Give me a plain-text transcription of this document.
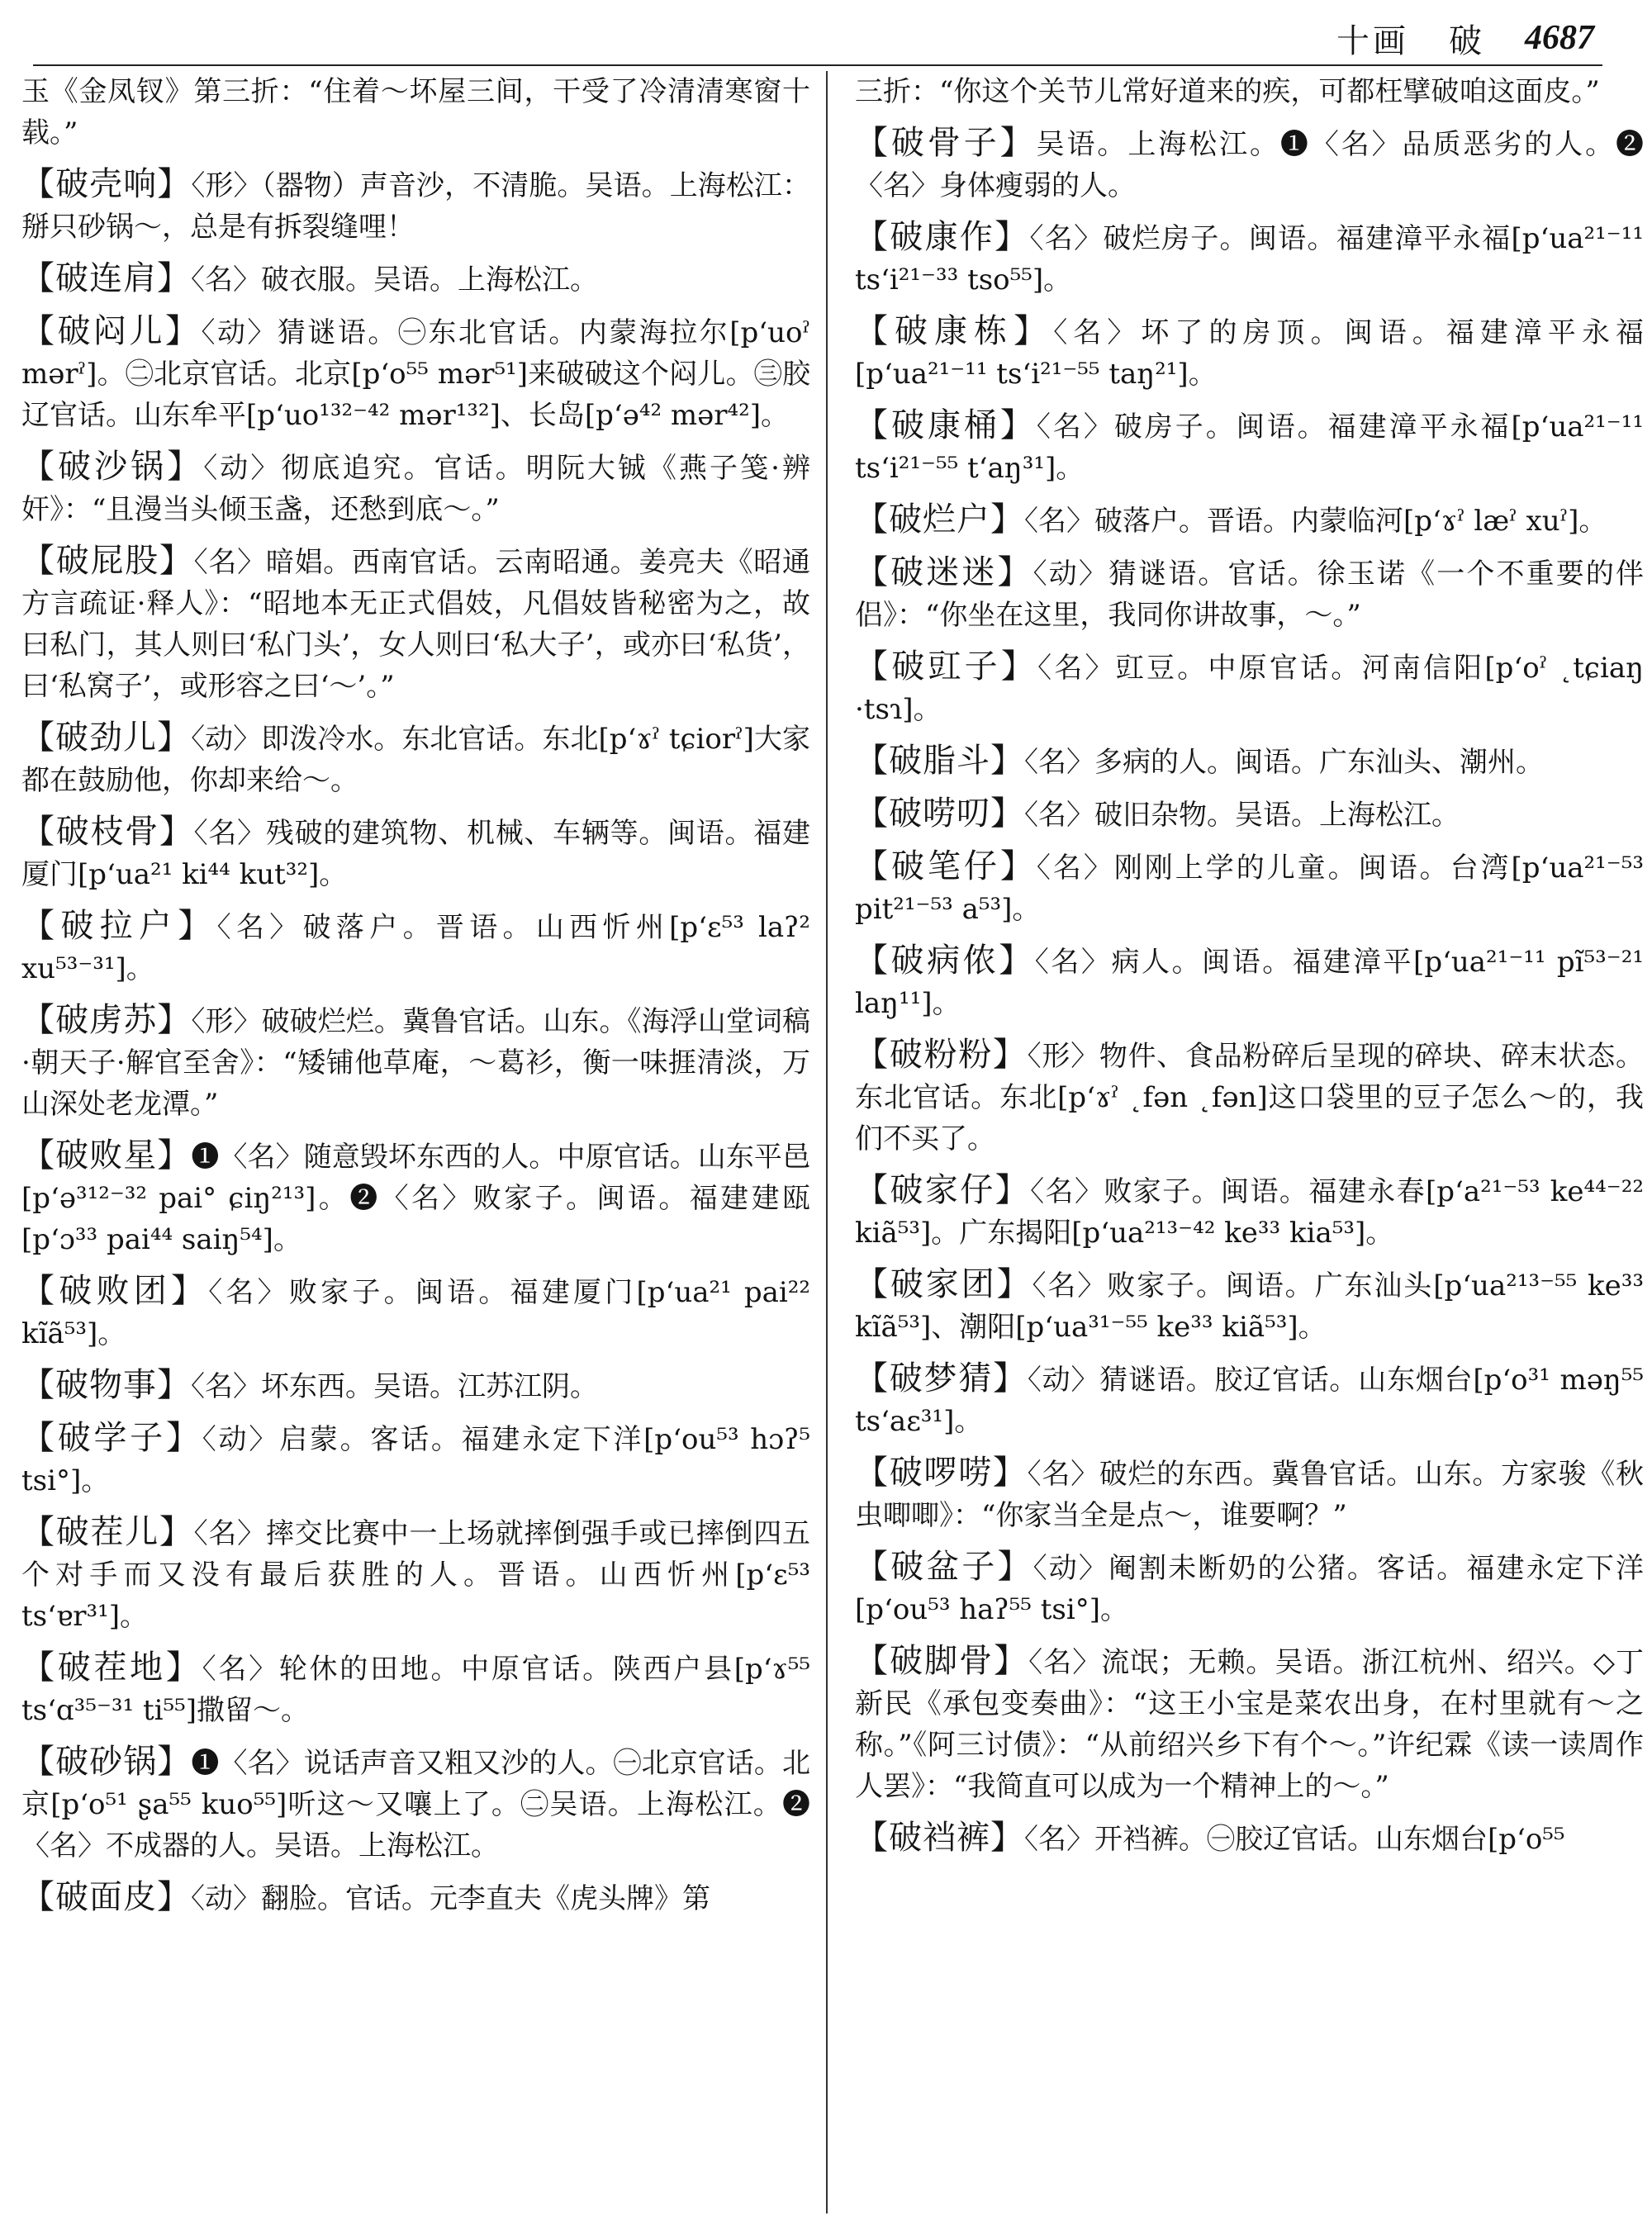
十画 破 4687

玉《金凤钗》第三折：“住着～坏屋三间，干受了冷清清寒窗十载。”

【破壳响】〈形〉（器物）声音沙，不清脆。吴语。上海松江：掰只砂锅～，总是有拆裂缝哩！

【破连肩】〈名〉破衣服。吴语。上海松江。

【破闷儿】〈动〉猜谜语。㊀东北官话。内蒙海拉尔[pʻuoˀ mərˀ]。㊁北京官话。北京[pʻo⁵⁵ mər⁵¹]来破破这个闷儿。㊂胶辽官话。山东牟平[pʻuo¹³²⁻⁴² mər¹³²]、长岛[pʻə⁴² mər⁴²]。

【破沙锅】〈动〉彻底追究。官话。明阮大铖《燕子笺·辨奸》：“且漫当头倾玉盏，还愁到底～。”

【破屁股】〈名〉暗娼。西南官话。云南昭通。姜亮夫《昭通方言疏证·释人》：“昭地本无正式倡妓，凡倡妓皆秘密为之，故曰私门，其人则曰‘私门头’，女人则曰‘私大子’，或亦曰‘私货’，曰‘私窝子’，或形容之曰‘～’。”

【破劲儿】〈动〉即泼冷水。东北官话。东北[pʻɤˀ tɕiorˀ]大家都在鼓励他，你却来给～。

【破枝骨】〈名〉残破的建筑物、机械、车辆等。闽语。福建厦门[pʻua²¹ ki⁴⁴ kut³²]。

【破拉户】〈名〉破落户。晋语。山西忻州[pʻɛ⁵³ laʔ² xu⁵³⁻³¹]。

【破虏苏】〈形〉破破烂烂。冀鲁官话。山东。《海浮山堂词稿·朝天子·解官至舍》：“矮铺他草庵，～葛衫，衡一味捱清淡，万山深处老龙潭。”

【破败星】❶〈名〉随意毁坏东西的人。中原官话。山东平邑[pʻə³¹²⁻³² pai° ɕiŋ²¹³]。❷〈名〉败家子。闽语。福建建瓯[pʻɔ³³ pai⁴⁴ saiŋ⁵⁴]。

【破败团】〈名〉败家子。闽语。福建厦门[pʻua²¹ pai²² kĩã⁵³]。

【破物事】〈名〉坏东西。吴语。江苏江阴。

【破学子】〈动〉启蒙。客话。福建永定下洋[pʻou⁵³ hɔʔ⁵ tsi°]。

【破茬儿】〈名〉摔交比赛中一上场就摔倒强手或已摔倒四五个对手而又没有最后获胜的人。晋语。山西忻州[pʻɛ⁵³ tsʻɐr³¹]。

【破茬地】〈名〉轮休的田地。中原官话。陕西户县[pʻɤ⁵⁵ tsʻɑ³⁵⁻³¹ ti⁵⁵]撒留～。

【破砂锅】❶〈名〉说话声音又粗又沙的人。㊀北京官话。北京[pʻo⁵¹ ʂa⁵⁵ kuo⁵⁵]听这～又嚷上了。㊁吴语。上海松江。❷〈名〉不成器的人。吴语。上海松江。

【破面皮】〈动〉翻脸。官话。元李直夫《虎头牌》第

三折：“你这个关节儿常好道来的疾，可都枉擘破咱这面皮。”

【破骨子】吴语。上海松江。❶〈名〉品质恶劣的人。❷〈名〉身体瘦弱的人。

【破康作】〈名〉破烂房子。闽语。福建漳平永福[pʻua²¹⁻¹¹ tsʻi²¹⁻³³ tso⁵⁵]。

【破康栋】〈名〉坏了的房顶。闽语。福建漳平永福[pʻua²¹⁻¹¹ tsʻi²¹⁻⁵⁵ taŋ²¹]。

【破康桶】〈名〉破房子。闽语。福建漳平永福[pʻua²¹⁻¹¹ tsʻi²¹⁻⁵⁵ tʻaŋ³¹]。

【破烂户】〈名〉破落户。晋语。内蒙临河[pʻɤˀ læˀ xuˀ]。

【破迷迷】〈动〉猜谜语。官话。徐玉诺《一个不重要的伴侣》：“你坐在这里，我同你讲故事，～。”

【破豇子】〈名〉豇豆。中原官话。河南信阳[pʻoˀ ˛tɕiaŋ ·tsɿ]。

【破脂斗】〈名〉多病的人。闽语。广东汕头、潮州。

【破唠叨】〈名〉破旧杂物。吴语。上海松江。

【破笔仔】〈名〉刚刚上学的儿童。闽语。台湾[pʻua²¹⁻⁵³ pit²¹⁻⁵³ a⁵³]。

【破病侬】〈名〉病人。闽语。福建漳平[pʻua²¹⁻¹¹ pĩ⁵³⁻²¹ laŋ¹¹]。

【破粉粉】〈形〉物件、食品粉碎后呈现的碎块、碎末状态。东北官话。东北[pʻɤˀ ˛fən ˛fən]这口袋里的豆子怎么～的，我们不买了。

【破家仔】〈名〉败家子。闽语。福建永春[pʻa²¹⁻⁵³ ke⁴⁴⁻²² kiã⁵³]。广东揭阳[pʻua²¹³⁻⁴² ke³³ kia⁵³]。

【破家团】〈名〉败家子。闽语。广东汕头[pʻua²¹³⁻⁵⁵ ke³³ kĩã⁵³]、潮阳[pʻua³¹⁻⁵⁵ ke³³ kiã⁵³]。

【破梦猜】〈动〉猜谜语。胶辽官话。山东烟台[pʻo³¹ məŋ⁵⁵ tsʻaɛ³¹]。

【破啰唠】〈名〉破烂的东西。冀鲁官话。山东。方家骏《秋虫唧唧》：“你家当全是点～，谁要啊？”

【破盆子】〈动〉阉割未断奶的公猪。客话。福建永定下洋[pʻou⁵³ haʔ⁵⁵ tsi°]。

【破脚骨】〈名〉流氓；无赖。吴语。浙江杭州、绍兴。◇丁新民《承包变奏曲》：“这王小宝是菜农出身，在村里就有～之称。”《阿三讨债》：“从前绍兴乡下有个～。”许纪霖《读一读周作人罢》：“我简直可以成为一个精神上的～。”

【破裆裤】〈名〉开裆裤。㊀胶辽官话。山东烟台[pʻo⁵⁵
